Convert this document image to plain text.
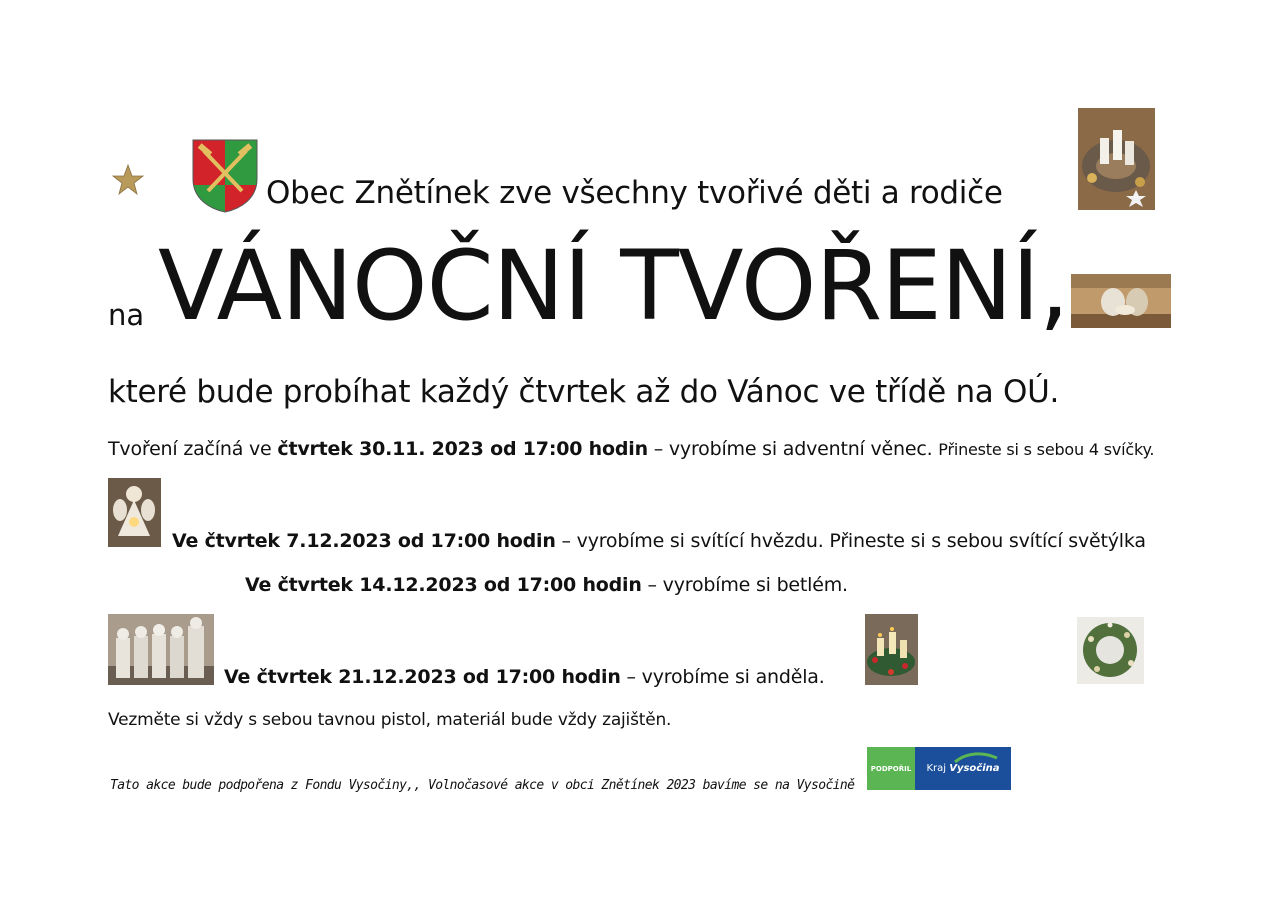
Obec Znětínek zve všechny tvořivé děti a rodiče
na VÁNOČNÍ TVOŘENÍ,
které bude probíhat každý čtvrtek až do Vánoc ve třídě na OÚ.
Tvoření začíná ve čtvrtek 30.11. 2023 od 17:00 hodin – vyrobíme si adventní věnec. Přineste si s sebou 4 svíčky.
Ve čtvrtek 7.12.2023 od 17:00 hodin – vyrobíme si svítící hvězdu. Přineste si s sebou svítící světýlka
Ve čtvrtek 14.12.2023 od 17:00 hodin – vyrobíme si betlém.
Ve čtvrtek 21.12.2023 od 17:00 hodin – vyrobíme si anděla.
Vezměte si vždy s sebou tavnou pistol, materiál bude vždy zajištěn.
Tato akce bude podpořena z Fondu Vysočiny,, Volnočasové akce v obci Znětínek 2023 bavíme se na Vysočině
PODPOŘIL	Kraj Vysočina
